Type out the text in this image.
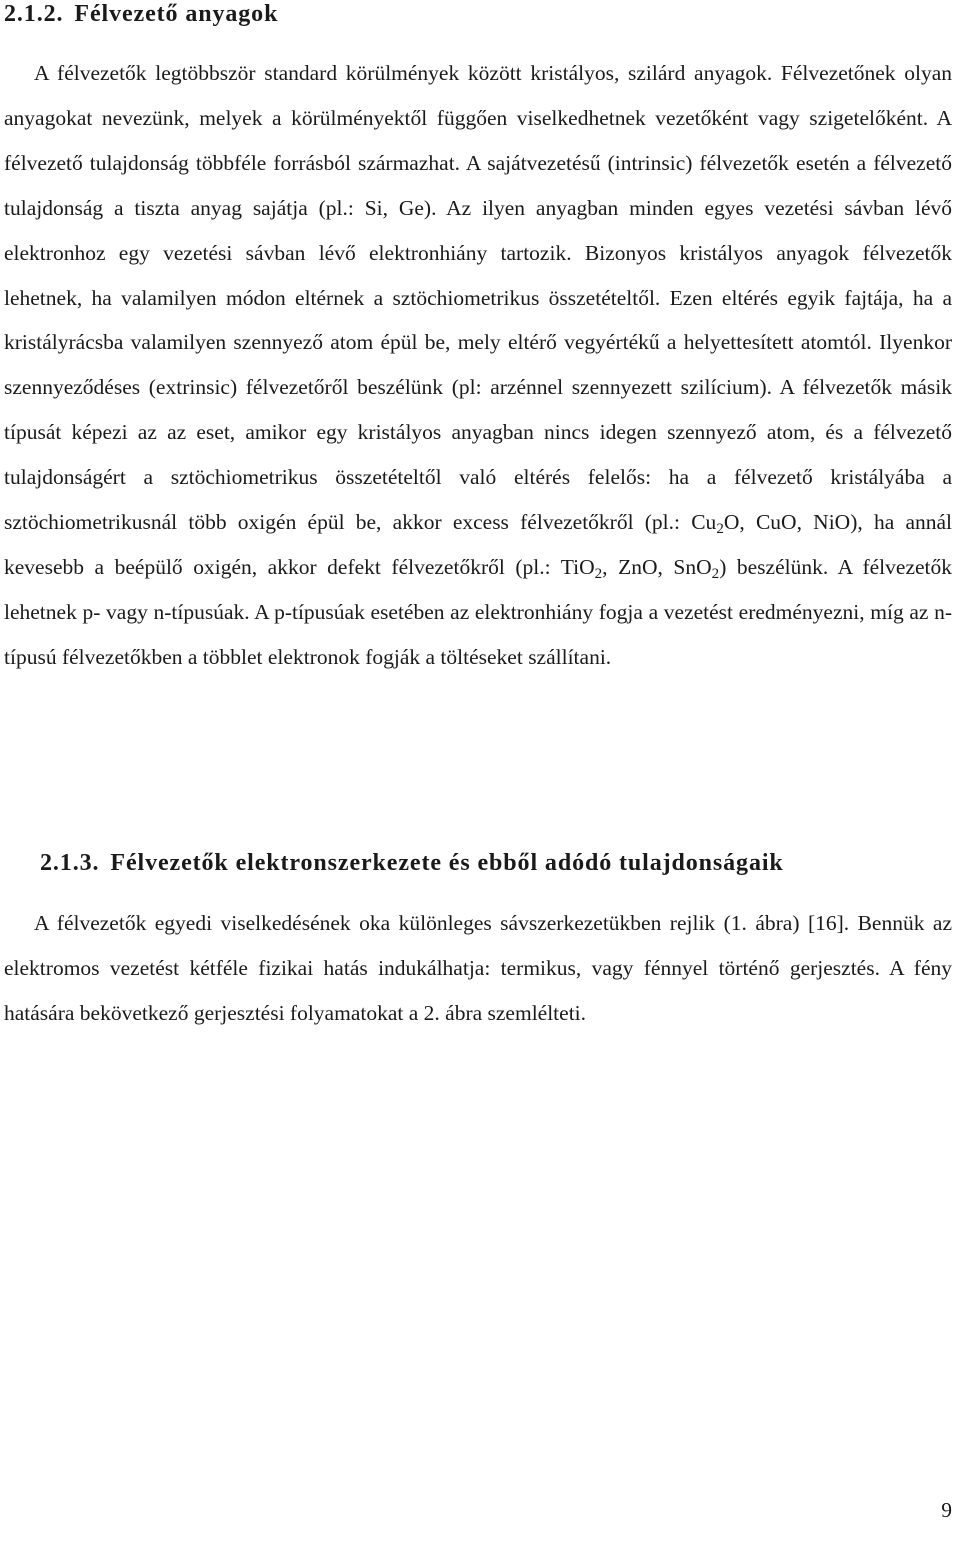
2.1.2. Félvezető anyagok

A félvezetők legtöbbször standard körülmények között kristályos, szilárd anyagok. Félvezetőnek olyan anyagokat nevezünk, melyek a körülményektől függően viselkedhetnek vezetőként vagy szigetelőként. A félvezető tulajdonság többféle forrásból származhat. A sajátvezetésű (intrinsic) félvezetők esetén a félvezető tulajdonság a tiszta anyag sajátja (pl.: Si, Ge). Az ilyen anyagban minden egyes vezetési sávban lévő elektronhoz egy vezetési sávban lévő elektronhiány tartozik. Bizonyos kristályos anyagok félvezetők lehetnek, ha valamilyen módon eltérnek a sztöchiometrikus összetételtől. Ezen eltérés egyik fajtája, ha a kristályrácsba valamilyen szennyező atom épül be, mely eltérő vegyértékű a helyettesített atomtól. Ilyenkor szennyeződéses (extrinsic) félvezetőről beszélünk (pl: arzénnel szennyezett szilícium). A félvezetők másik típusát képezi az az eset, amikor egy kristályos anyagban nincs idegen szennyező atom, és a félvezető tulajdonságért a sztöchiometrikus összetételtől való eltérés felelős: ha a félvezető kristályába a sztöchiometrikusnál több oxigén épül be, akkor excess félvezetőkről (pl.: $Cu_2O$, CuO, NiO), ha annál kevesebb a beépülő oxigén, akkor defekt félvezetőkről (pl.: TiO$_2$, ZnO, SnO$_2$) beszélünk. A félvezetők lehetnek p- vagy n-típusúak. A p-típusúak esetében az elektronhiány fogja a vezetést eredményezni, míg az n-típusú félvezetőkben a többlet elektronok fogják a töltéseket szállítani.

2.1.3. Félvezetők elektronszerkezete és ebből adódó tulajdonságaik

A félvezetők egyedi viselkedésének oka különleges sávszerkezetükben rejlik (1. ábra) [16]. Bennük az elektromos vezetést kétféle fizikai hatás indukálhatja: termikus, vagy fénnyel történő gerjesztés. A fény hatására bekövetkező gerjesztési folyamatokat a 2. ábra szemlélteti.

9
